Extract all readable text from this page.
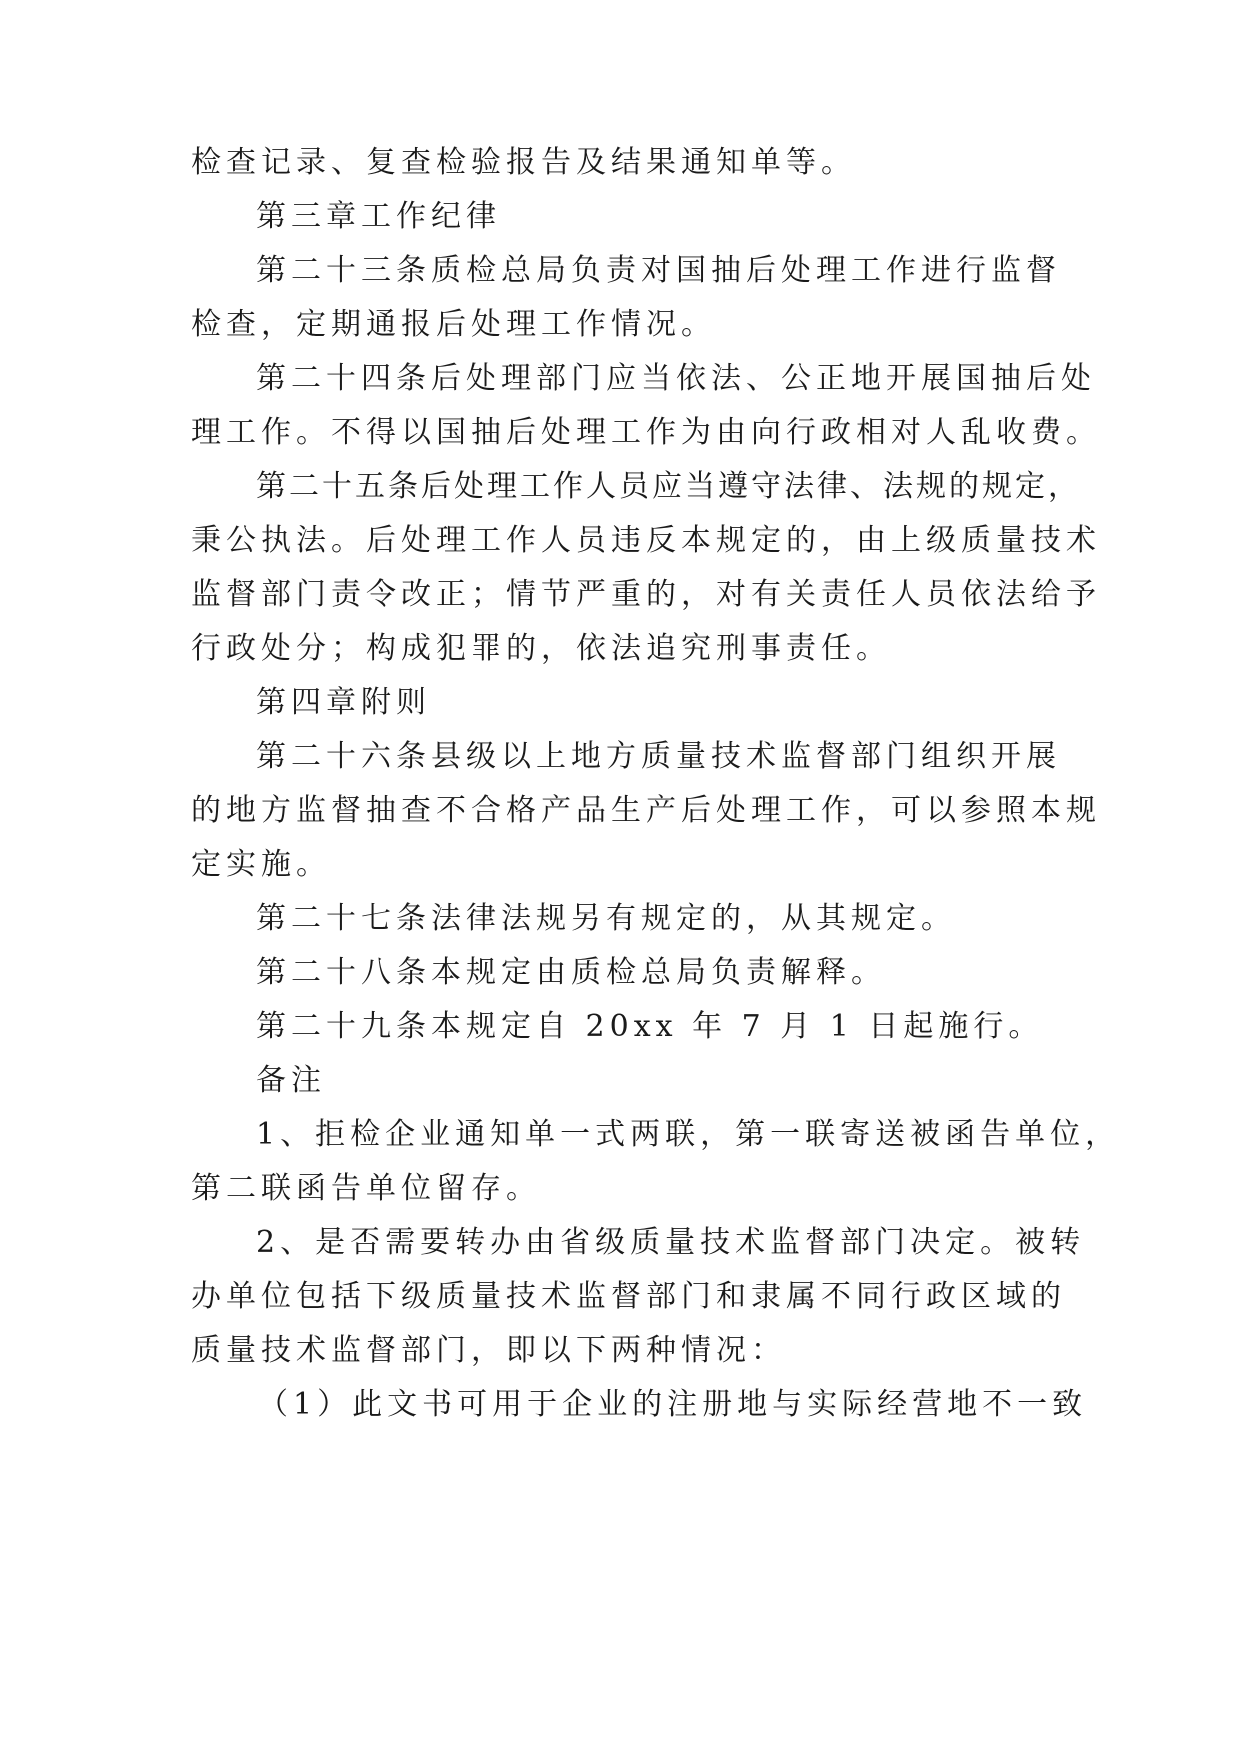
检查记录、复查检验报告及结果通知单等。
第三章工作纪律
第二十三条质检总局负责对国抽后处理工作进行监督
检查，定期通报后处理工作情况。
第二十四条后处理部门应当依法、公正地开展国抽后处
理工作。不得以国抽后处理工作为由向行政相对人乱收费。
第二十五条后处理工作人员应当遵守法律、法规的规定，
秉公执法。后处理工作人员违反本规定的，由上级质量技术
监督部门责令改正；情节严重的，对有关责任人员依法给予
行政处分；构成犯罪的，依法追究刑事责任。
第四章附则
第二十六条县级以上地方质量技术监督部门组织开展
的地方监督抽查不合格产品生产后处理工作，可以参照本规
定实施。
第二十七条法律法规另有规定的，从其规定。
第二十八条本规定由质检总局负责解释。
第二十九条本规定自 20xx 年 7 月 1 日起施行。
备注
1、拒检企业通知单一式两联，第一联寄送被函告单位，
第二联函告单位留存。
2、是否需要转办由省级质量技术监督部门决定。被转
办单位包括下级质量技术监督部门和隶属不同行政区域的
质量技术监督部门，即以下两种情况：
（1）此文书可用于企业的注册地与实际经营地不一致
